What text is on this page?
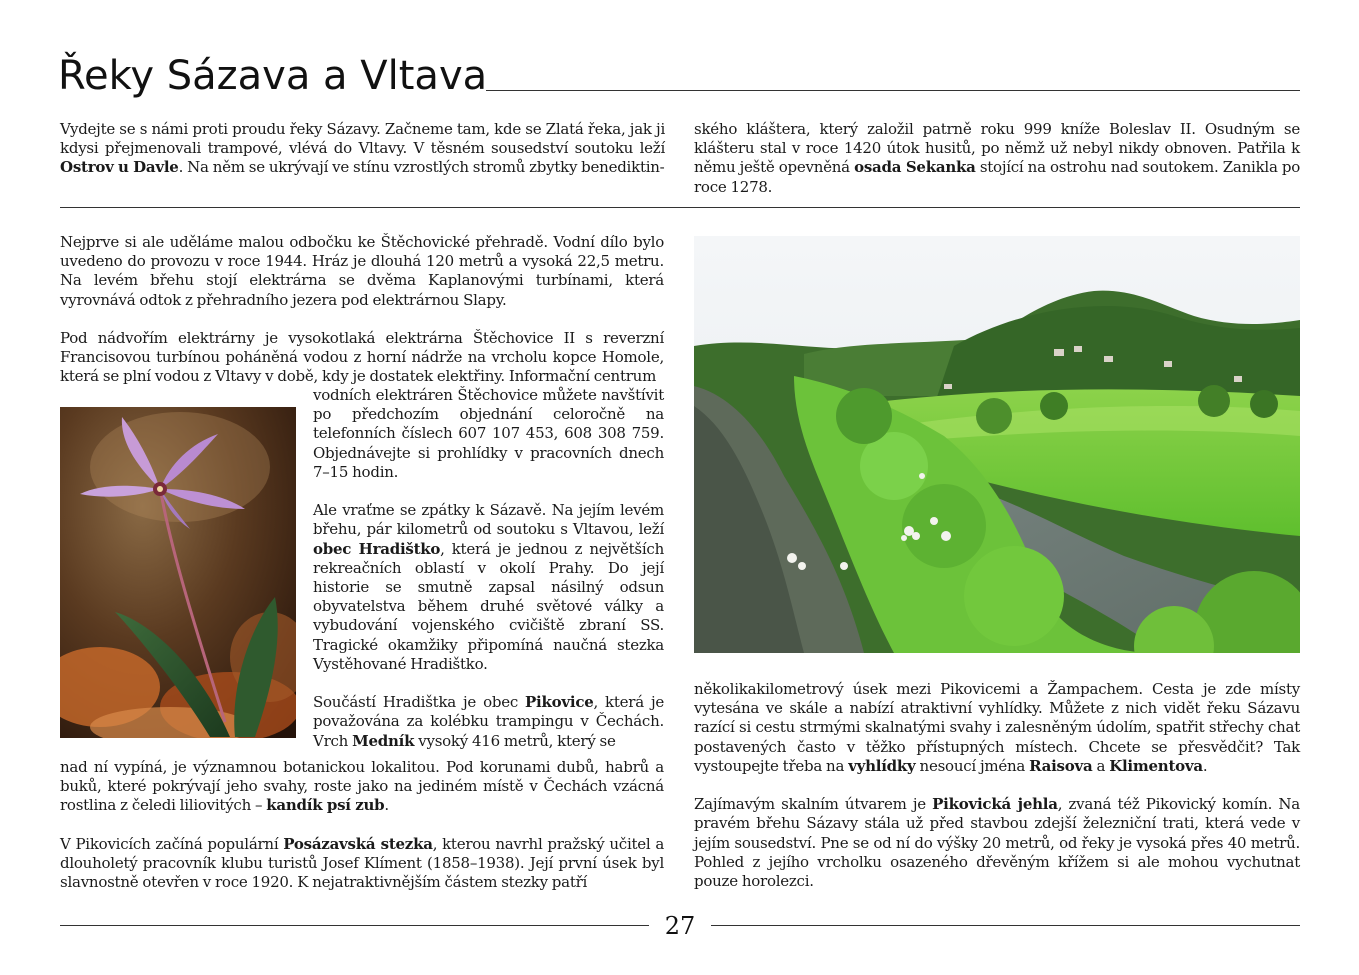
Řeky Sázava a Vltava
Vydejte se s námi proti proudu řeky Sázavy. Začneme tam, kde se Zlatá řeka, jak ji kdysi přejmenovali trampové, vlévá do Vltavy. V těsném sousedství soutoku leží Ostrov u Davle. Na něm se ukrývají ve stínu vzrostlých stromů zbytky benediktin-
ského kláštera, který založil patrně roku 999 kníže Boleslav II. Osudným se klášteru stal v roce 1420 útok husitů, po němž už nebyl nikdy obnoven. Patřila k němu ještě opevněná osada Sekanka stojící na ostrohu nad soutokem. Zanikla po roce 1278.

Nejprve si ale uděláme malou odbočku ke Štěchovické přehradě. Vodní dílo bylo uvedeno do provozu v roce 1944. Hráz je dlouhá 120 metrů a vysoká 22,5 metru. Na levém břehu stojí elektrárna se dvěma Kaplanovými turbínami, která vyrovnává odtok z přehradního jezera pod elektrárnou Slapy.

Pod nádvořím elektrárny je vysokotlaká elektrárna Štěchovice II s reverzní Francisovou turbínou poháněná vodou z horní nádrže na vrcholu kopce Homole, která se plní vodou z Vltavy v době, kdy je dostatek elektřiny. Informační centrum

vodních elektráren Štěchovice můžete navštívit po předchozím objednání celoročně na telefonních číslech 607 107 453, 608 308 759. Objednávejte si prohlídky v pracovních dnech 7–15 hodin.

Ale vraťme se zpátky k Sázavě. Na jejím levém břehu, pár kilometrů od soutoku s Vltavou, leží obec Hradištko, která je jednou z největších rekreačních oblastí v okolí Prahy. Do její historie se smutně zapsal násilný odsun obyvatelstva během druhé světové války a vybudování vojenského cvičiště zbraní SS. Tragické okamžiky připomíná naučná stezka Vystěhované Hradištko.

Součástí Hradištka je obec Pikovice, která je považována za kolébku trampingu v Čechách. Vrch Medník vysoký 416 metrů, který se

nad ní vypíná, je významnou botanickou lokalitou. Pod korunami dubů, habrů a buků, které pokrývají jeho svahy, roste jako na jediném místě v Čechách vzácná rostlina z čeledi liliovitých – kandík psí zub.

V Pikovicích začíná populární Posázavská stezka, kterou navrhl pražský učitel a dlouholetý pracovník klubu turistů Josef Klíment (1858–1938). Její první úsek byl slavnostně otevřen v roce 1920. K nejatraktivnějším částem stezky patří

několikakilometrový úsek mezi Pikovicemi a Žampachem. Cesta je zde místy vytesána ve skále a nabízí atraktivní vyhlídky. Můžete z nich vidět řeku Sázavu razící si cestu strmými skalnatými svahy i zalesněným údolím, spatřit střechy chat postavených často v těžko přístupných místech. Chcete se přesvědčit? Tak vystoupejte třeba na vyhlídky nesoucí jména Raisova a Klimentova.

Zajímavým skalním útvarem je Pikovická jehla, zvaná též Pikovický komín. Na pravém břehu Sázavy stála už před stavbou zdejší železniční trati, která vede v jejím sousedství. Pne se od ní do výšky 20 metrů, od řeky je vysoká přes 40 metrů. Pohled z jejího vrcholku osazeného dřevěným křížem si ale mohou vychutnat pouze horolezci.

27
